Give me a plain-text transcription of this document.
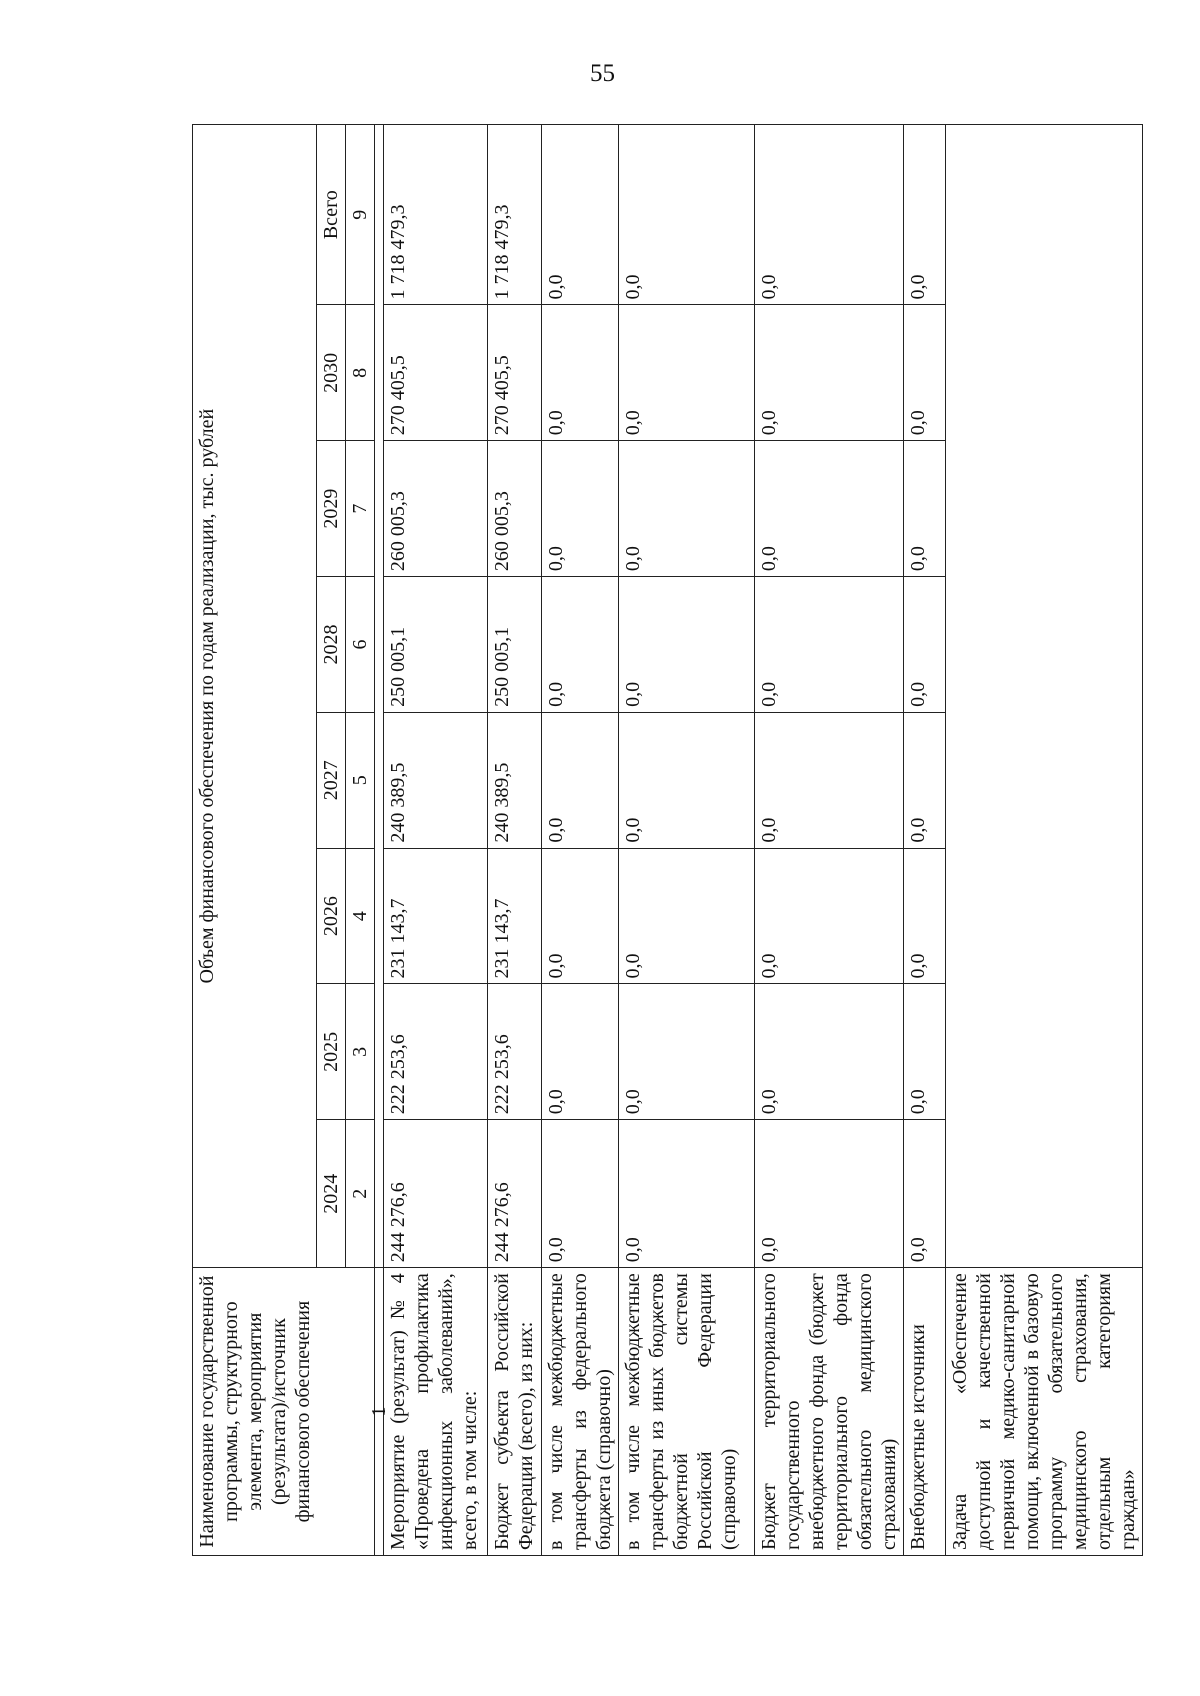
55
Наименование государственной программы, структурного элемента, мероприятия (результата)/источник финансового обеспечения	Объем финансового обеспечения по годам реализации, тыс. рублей							
	2024	2025	2026	2027	2028	2029	2030	Всего
	2	3	4	5	6	7	8	9
1								
Мероприятие (результат) № 4 «Проведена профилактика инфекционных заболеваний», всего, в том числе:	244 276,6	222 253,6	231 143,7	240 389,5	250 005,1	260 005,3	270 405,5	1 718 479,3
Бюджет субъекта Российской Федерации (всего), из них:	244 276,6	222 253,6	231 143,7	240 389,5	250 005,1	260 005,3	270 405,5	1 718 479,3
в том числе межбюджетные трансферты из федерального бюджета (справочно)	0,0	0,0	0,0	0,0	0,0	0,0	0,0	0,0
в том числе межбюджетные трансферты из иных бюджетов бюджетной системы Российской Федерации (справочно)	0,0	0,0	0,0	0,0	0,0	0,0	0,0	0,0
Бюджет территориального государственного внебюджетного фонда (бюджет территориального фонда обязательного медицинского страхования)	0,0	0,0	0,0	0,0	0,0	0,0	0,0	0,0
Внебюджетные источники	0,0	0,0	0,0	0,0	0,0	0,0	0,0	0,0
Задача «Обеспечение доступной и качественной первичной медико-санитарной помощи, включенной в базовую программу обязательного медицинского страхования, отдельным категориям граждан»								
